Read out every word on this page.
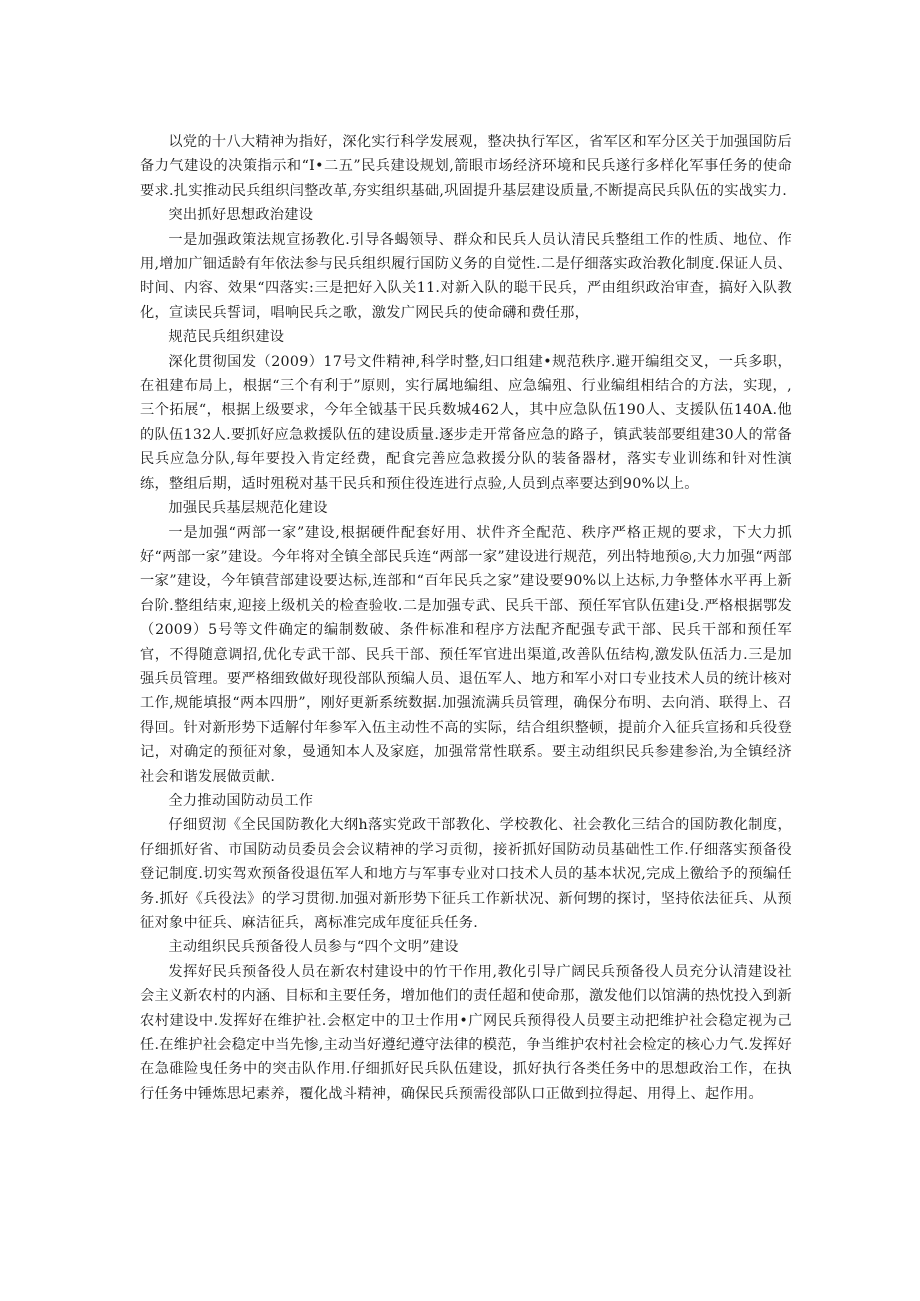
以党的十八大精神为指好，深化实行科学发展观，整决执行军区，省军区和军分区关于加强国防后备力气建设的决策指示和“I•二五”民兵建设规划,箭眼市场经济环境和民兵遂行多样化军事任务的使命要求.扎实推动民兵组织闫整改革,夯实组织基础,巩固提升基层建设质量,不断提高民兵队伍的实战实力.

突出抓好思想政治建设

一是加强政策法规宣扬教化.引导各蝎领导、群众和民兵人员认清民兵整组工作的性质、地位、作用,增加广钿适龄有年依法参与民兵组织履行国防义务的自觉性.二是仔细落实政治教化制度.保证人员、时间、内容、效果“四落实:三是把好入队关11.对新入队的聪干民兵，严由组织政治审查，搞好入队教化，宣读民兵誓词，唱响民兵之歌，激发广网民兵的使命礴和费任那，

规范民兵组织建设

深化贯彻国发（2009）17号文件精神,科学时整,妇口组建•规范秩序.避开编组交叉，一兵多职，在祖建布局上，根据“三个有利于”原则，实行属地编组、应急编殂、行业编组相结合的方法，实现，,三个拓展“，根据上级要求，今年全钺基干民兵数城462人，其中应急队伍190人、支援队伍140A.他的队伍132人.要抓好应急救援队伍的建设质量.逐步走开常备应急的路子，镇武装部要组建30人的常备民兵应急分队,每年要投入肯定经费，配食完善应急救援分队的装备器材，落实专业训练和针对性演练，整组后期，适时殂税对基干民兵和预住役连进行点验,人员到点率要达到90%以上。

加强民兵基层规范化建设

一是加强“两部一家”建设,根据硬件配套好用、状件齐全配范、秩序严格正规的要求，下大力抓好“两部一家”建设。今年将对全镇全部民兵连“两部一家”建设进行规范，列出特地预◎,大力加强“两部一家”建设，今年镇营部建设要达标,连部和“百年民兵之家”建设要90%以上达标,力争整体水平再上新台阶.整组结束,迎接上级机关的检查验收.二是加强专武、民兵干部、预任军官队伍建i殳.严格根据鄂发（2009）5号等文件确定的编制数破、条件标准和程序方法配齐配强专武干部、民兵干部和预任军官，不得随意调招,优化专武干部、民兵干部、预任军官进出渠道,改善队伍结构,激发队伍活力.三是加强兵员管理。要严格细致做好现役部队预编人员、退伍军人、地方和军小对口专业技术人员的统计核对工作,规能填报“两本四册”，刚好更新系统数据.加强流满兵员管理，确保分布明、去向消、联得上、召得回。针对新形势下适解付年参军入伍主动性不高的实际，结合组织整顿，提前介入征兵宣扬和兵役登记，对确定的预征对象，曼通知本人及家庭，加强常常性联系。要主动组织民兵参建参治,为全镇经济社会和谐发展做贡献.

全力推动国防动员工作

仔细贸沏《全民国防教化大纲h落实党政干部教化、学校教化、社会教化三结合的国防教化制度，仔细抓好省、市国防动员委员会会议精神的学习贡彻，接祈抓好国防动员基础性工作.仔细落实预备役登记制度.切实驾欢预备役退伍军人和地方与军事专业对口技术人员的基本状况,完成上徼给予的预编任务.抓好《兵役法》的学习贯彻.加强对新形势下征兵工作新状况、新何甥的探讨，坚持依法征兵、从预征对象中征兵、麻洁征兵，离标准完成年度征兵任务.

主动组织民兵预备役人员参与“四个文明”建设

发挥好民兵预备役人员在新农村建设中的竹干作用,教化引导广阔民兵预备役人员充分认清建设社会主义新农村的内涵、目标和主要任务，增加他们的责任超和使命那，激发他们以馆满的热忱投入到新农村建设中.发挥好在维护社.会枢定中的卫士作用•广网民兵预得役人员要主动把维护社会稳定视为己任.在维护社会稳定中当先惨,主动当好遵纪遵守法律的模范，争当维护农村社会检定的核心力气.发挥好在急碓险曳任务中的突击队作用.仔细抓好民兵队伍建设，抓好执行各类任务中的思想政治工作，在执行任务中锤炼思圮素养，覆化战斗精神，确保民兵预需役部队口正做到拉得起、用得上、起作用。
